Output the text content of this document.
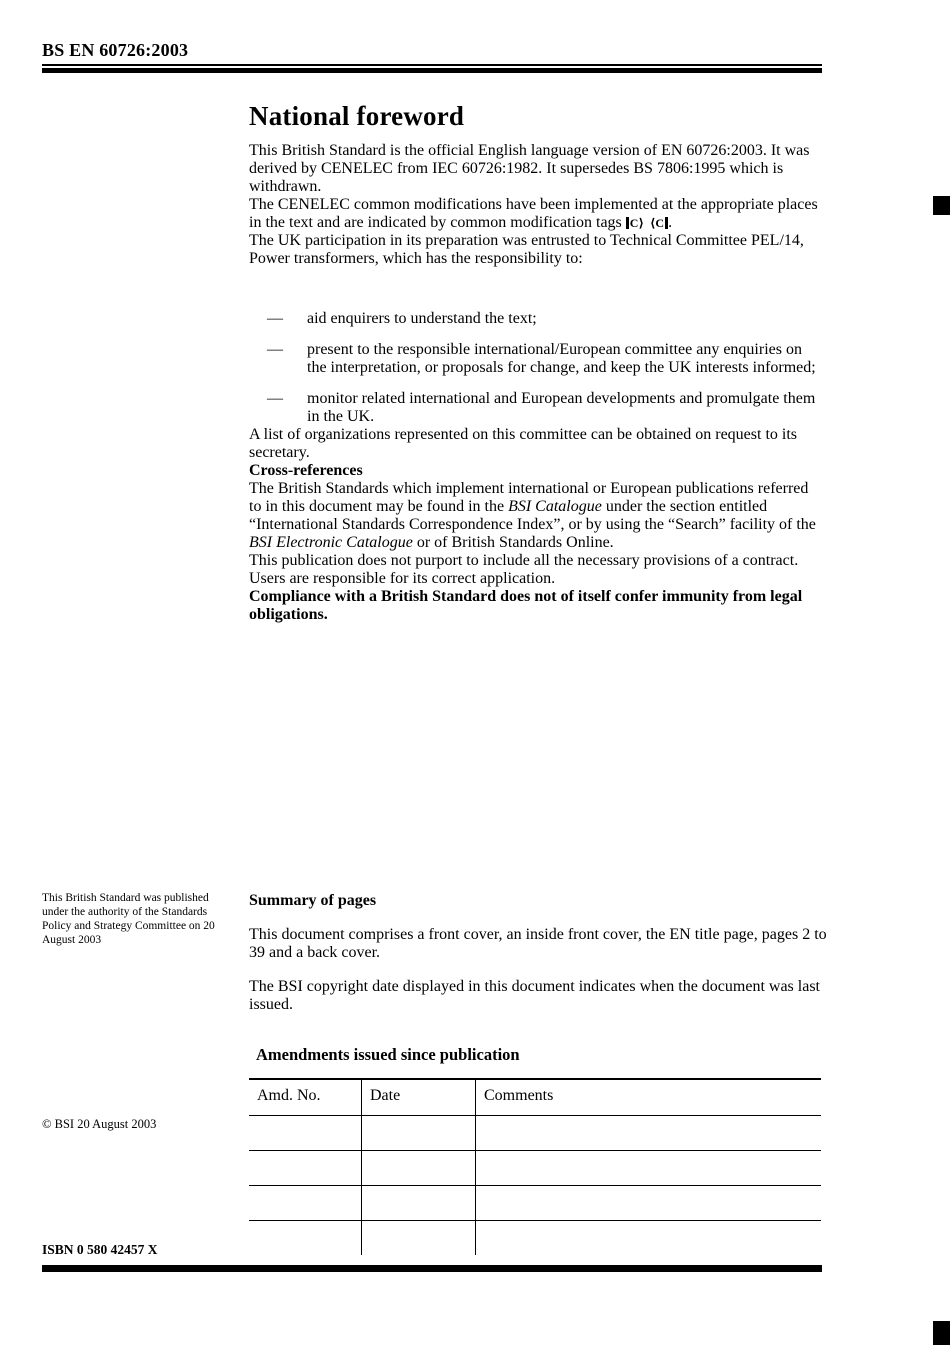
BS EN 60726:2003
National foreword

This British Standard is the official English language version of EN 60726:2003. It was derived by CENELEC from IEC 60726:1982. It supersedes BS 7806:1995 which is withdrawn.

The CENELEC common modifications have been implemented at the appropriate places in the text and are indicated by common modification tags C⟩ ⟨C .

The UK participation in its preparation was entrusted to Technical Committee PEL/14, Power transformers, which has the responsibility to:

—	aid enquirers to understand the text;
—	present to the responsible international/European committee any enquiries on the interpretation, or proposals for change, and keep the UK interests informed;
—	monitor related international and European developments and promulgate them in the UK.

A list of organizations represented on this committee can be obtained on request to its secretary.

Cross-references

The British Standards which implement international or European publications referred to in this document may be found in the BSI Catalogue under the section entitled “International Standards Correspondence Index”, or by using the “Search” facility of the BSI Electronic Catalogue or of British Standards Online.

This publication does not purport to include all the necessary provisions of a contract. Users are responsible for its correct application.

Compliance with a British Standard does not of itself confer immunity from legal obligations.

This British Standard was published under the authority of the Standards Policy and Strategy Committee on 20 August 2003
© BSI 20 August 2003
ISBN 0 580 42457 X

Summary of pages

This document comprises a front cover, an inside front cover, the EN title page, pages 2 to 39 and a back cover.

The BSI copyright date displayed in this document indicates when the document was last issued.

Amendments issued since publication
Amd. No.	Date	Comments
